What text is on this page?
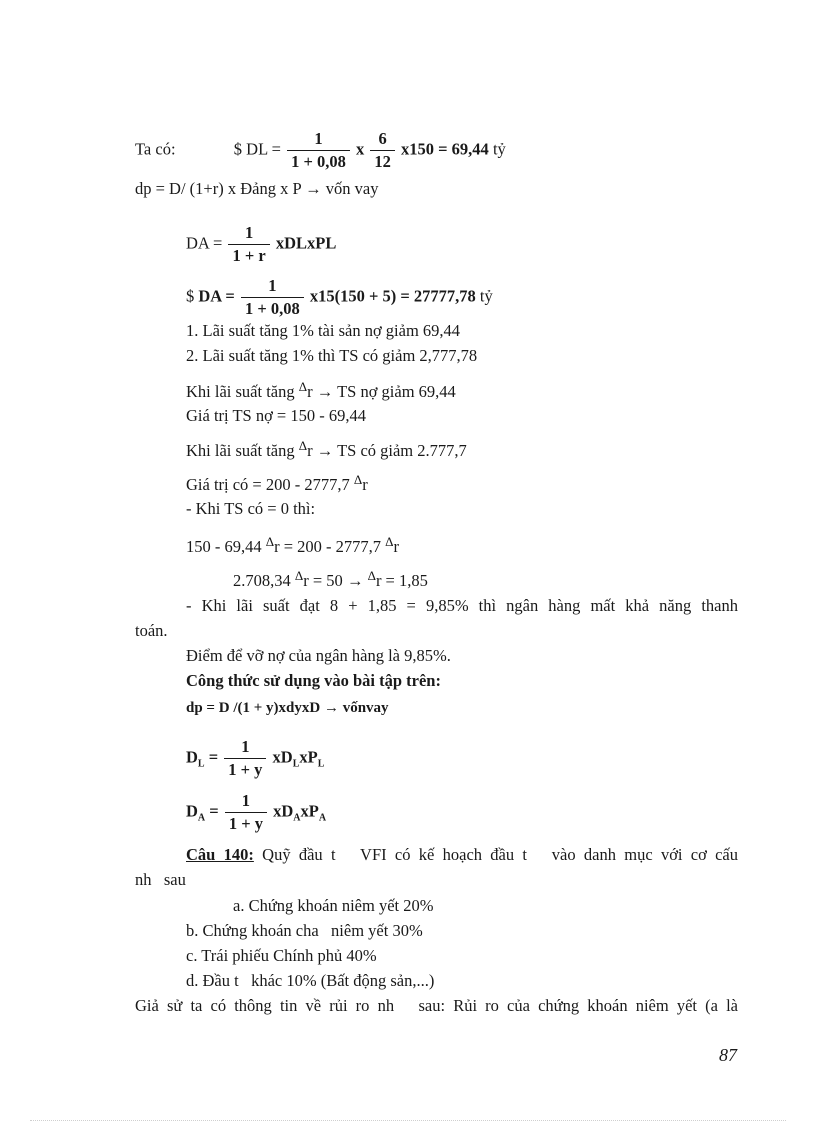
Ta có:	$ DL = $\frac{1}{1 + 0,08}$ x $\frac{6}{12} x150 = 69,44$ tỷ
dp = D/ (1+r) x Đảng x P → vốn vay
DA = $\frac{1}{1 + r}$ xDLxPL
$ DA = $\frac{1}{1 + 0,08} x15(150 + 5) = 27777,78$ tỷ
1. Lãi suất tăng 1% tài sản nợ giảm 69,44
2. Lãi suất tăng 1% thì TS có giảm 2,777,78
Khi lãi suất tăng $^\Delta$r → TS nợ giảm 69,44
Giá trị TS nợ = 150 - 69,44
Khi lãi suất tăng $^\Delta$r → TS có giảm 2.777,7
Giá trị có = 200 - 2777,7 $^\Delta$r
- Khi TS có = 0 thì:
150 - 69,44 $^\Delta$r = 200 - 2777,7 $^\Delta$r
2.708,34 $^\Delta$r = 50 → $^\Delta$r = 1,85
- Khi lãi suất đạt 8 + 1,85 = 9,85% thì ngân hàng mất khả năng thanh
toán.
Điểm để vỡ nợ của ngân hàng là 9,85%.
Công thức sử dụng vào bài tập trên:
dp = D /(1 + y)xdyxD → vốnvay
$D_L = \frac{1}{1 + y} xD_LxP_L$
$D_A = \frac{1}{1 + y} xD_AxP_A$
Câu 140: Quỹ đầu t   VFI có kế hoạch đầu t   vào danh mục với cơ cấu
nh   sau
a. Chứng khoán niêm yết 20%
b. Chứng khoán cha   niêm yết 30%
c. Trái phiếu Chính phủ 40%
d. Đầu t   khác 10% (Bất động sản,...)
Giả sử ta có thông tin về rủi ro nh   sau: Rủi ro của chứng khoán niêm yết (a là
87
